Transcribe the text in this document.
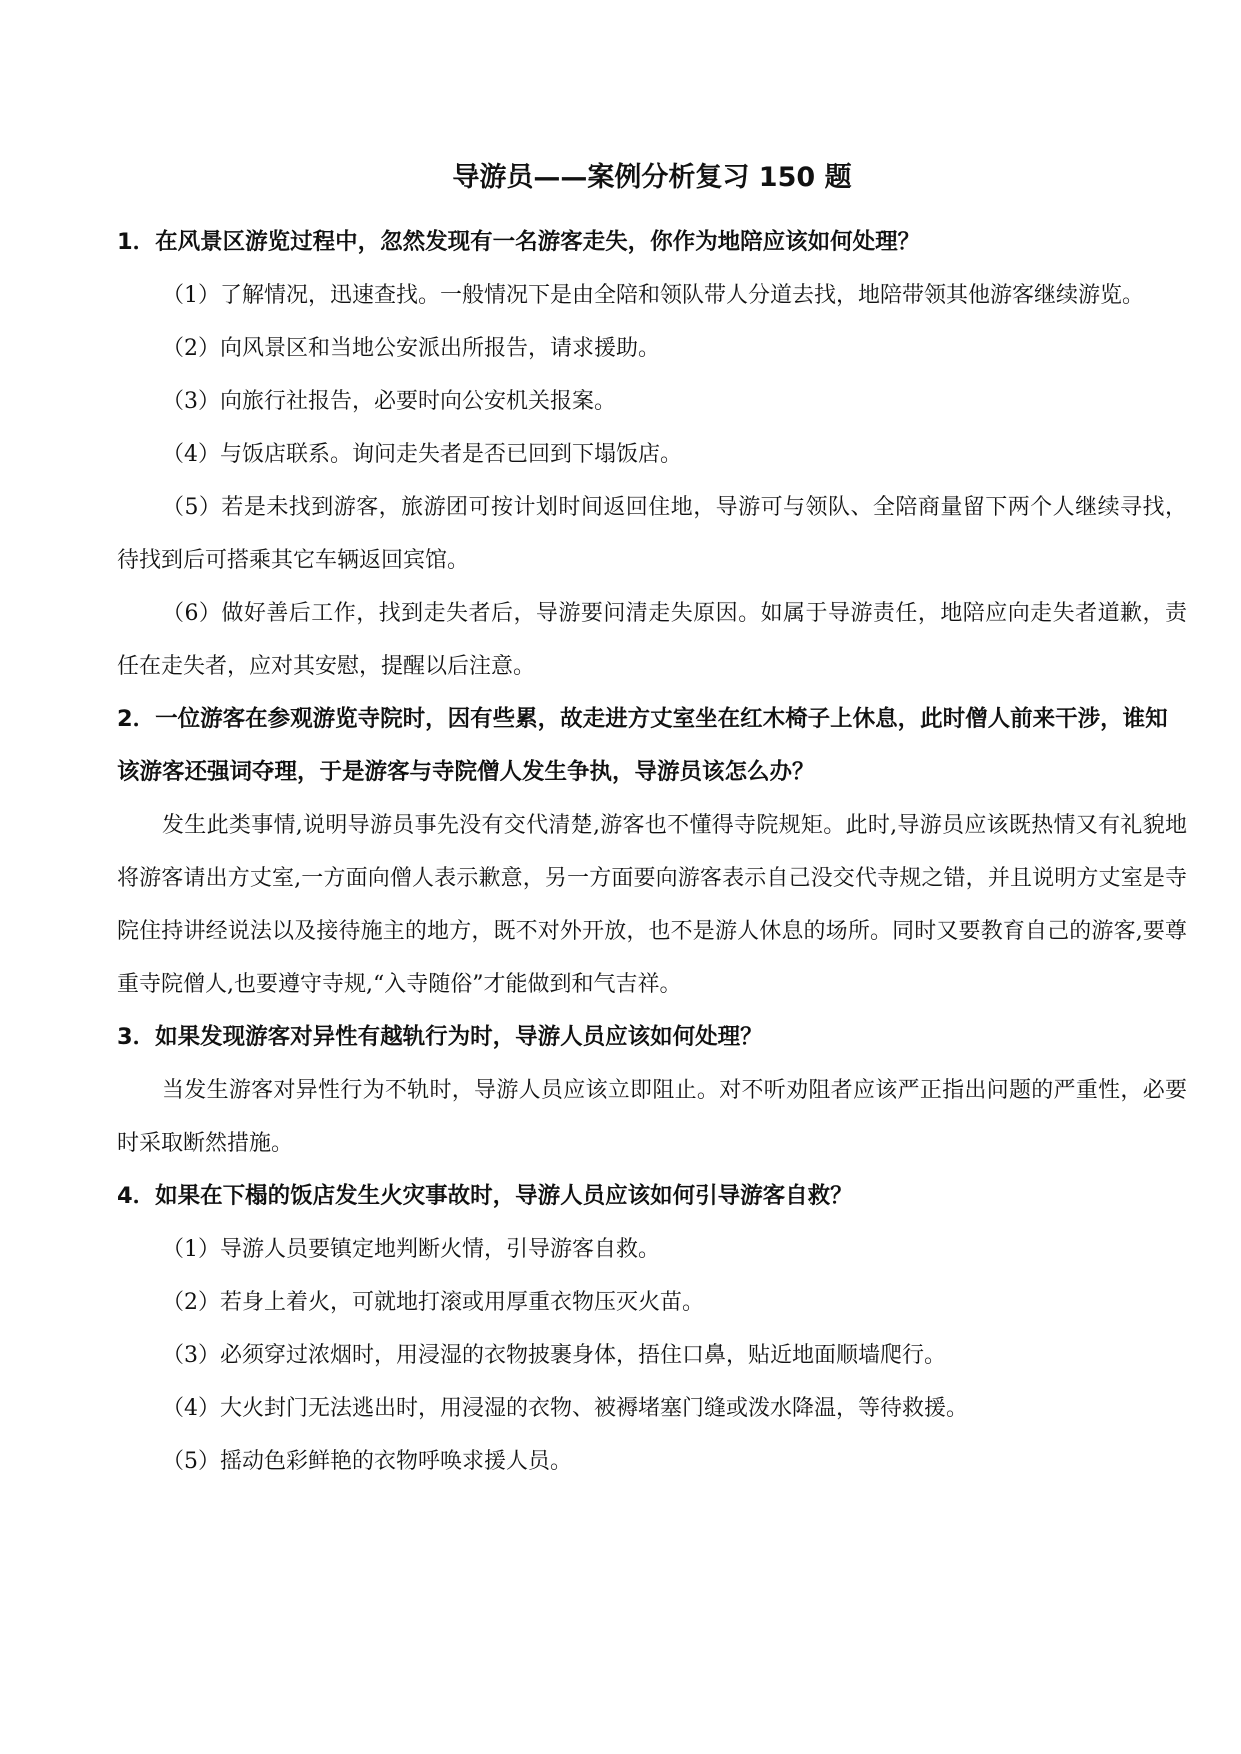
导游员——案例分析复习 150 题

1．在风景区游览过程中，忽然发现有一名游客走失，你作为地陪应该如何处理？

（1）了解情况，迅速查找。一般情况下是由全陪和领队带人分道去找，地陪带领其他游客继续游览。

（2）向风景区和当地公安派出所报告，请求援助。

（3）向旅行社报告，必要时向公安机关报案。

（4）与饭店联系。询问走失者是否已回到下塌饭店。

（5）若是未找到游客，旅游团可按计划时间返回住地，导游可与领队、全陪商量留下两个人继续寻找，待找到后可搭乘其它车辆返回宾馆。

（6）做好善后工作，找到走失者后，导游要问清走失原因。如属于导游责任，地陪应向走失者道歉，责任在走失者，应对其安慰，提醒以后注意。

2．一位游客在参观游览寺院时，因有些累，故走进方丈室坐在红木椅子上休息，此时僧人前来干涉，谁知该游客还强词夺理，于是游客与寺院僧人发生争执，导游员该怎么办？

发生此类事情,说明导游员事先没有交代清楚,游客也不懂得寺院规矩。此时,导游员应该既热情又有礼貌地将游客请出方丈室,一方面向僧人表示歉意，另一方面要向游客表示自己没交代寺规之错，并且说明方丈室是寺院住持讲经说法以及接待施主的地方，既不对外开放，也不是游人休息的场所。同时又要教育自己的游客,要尊重寺院僧人,也要遵守寺规,“入寺随俗”才能做到和气吉祥。

3．如果发现游客对异性有越轨行为时，导游人员应该如何处理？

当发生游客对异性行为不轨时，导游人员应该立即阻止。对不听劝阻者应该严正指出问题的严重性，必要时采取断然措施。

4．如果在下榻的饭店发生火灾事故时，导游人员应该如何引导游客自救？

（1）导游人员要镇定地判断火情，引导游客自救。

（2）若身上着火，可就地打滚或用厚重衣物压灭火苗。

（3）必须穿过浓烟时，用浸湿的衣物披裹身体，捂住口鼻，贴近地面顺墙爬行。

（4）大火封门无法逃出时，用浸湿的衣物、被褥堵塞门缝或泼水降温，等待救援。

（5）摇动色彩鲜艳的衣物呼唤求援人员。
